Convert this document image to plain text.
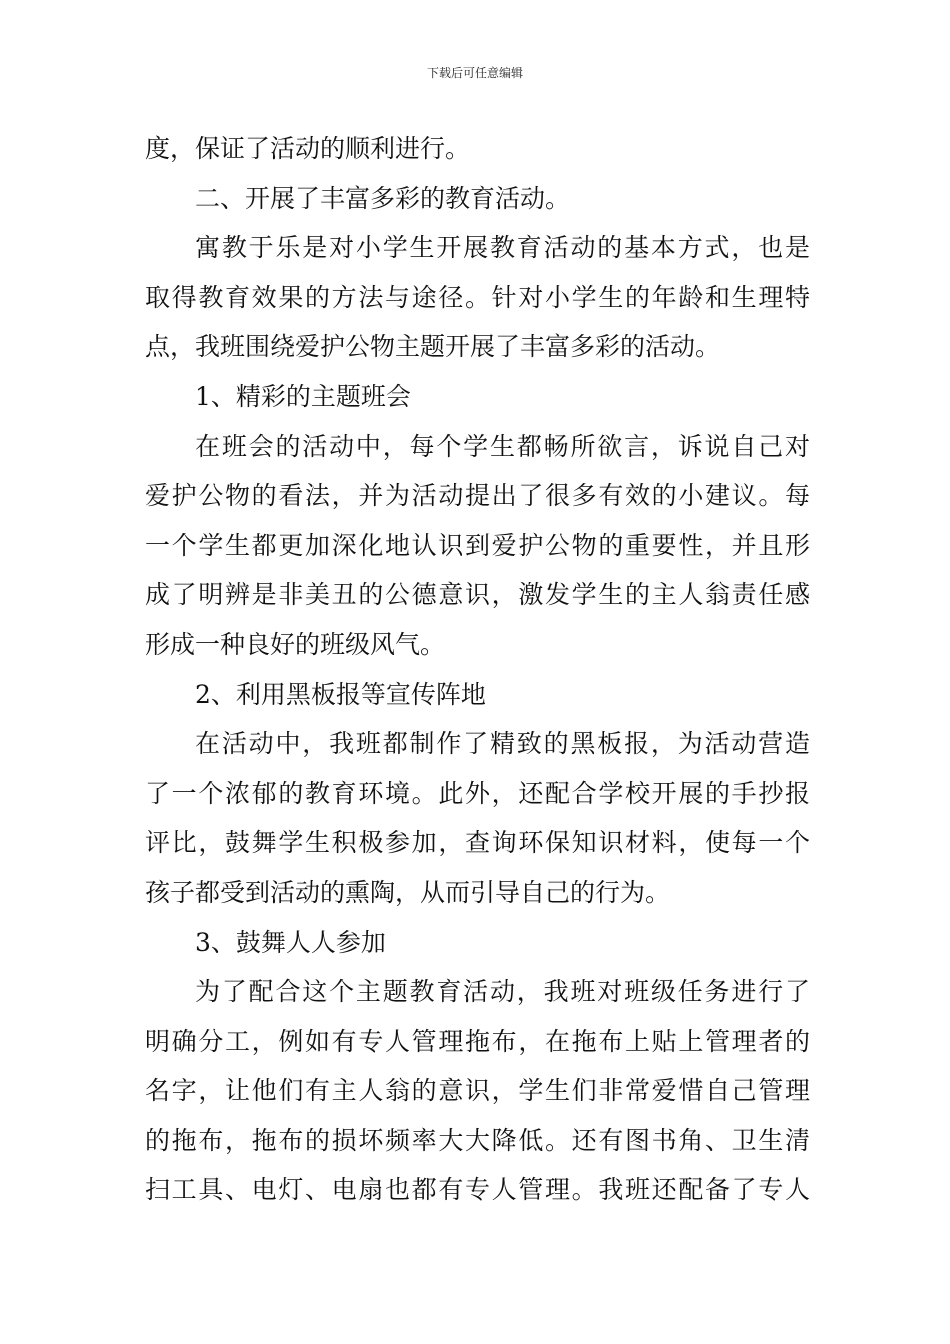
下载后可任意编辑
度，保证了活动的顺利进行。
二、开展了丰富多彩的教育活动。
寓教于乐是对小学生开展教育活动的基本方式，也是
取得教育效果的方法与途径。针对小学生的年龄和生理特
点，我班围绕爱护公物主题开展了丰富多彩的活动。
1、精彩的主题班会
在班会的活动中，每个学生都畅所欲言，诉说自己对
爱护公物的看法，并为活动提出了很多有效的小建议。每
一个学生都更加深化地认识到爱护公物的重要性，并且形
成了明辨是非美丑的公德意识，激发学生的主人翁责任感
形成一种良好的班级风气。
2、利用黑板报等宣传阵地
在活动中，我班都制作了精致的黑板报，为活动营造
了一个浓郁的教育环境。此外，还配合学校开展的手抄报
评比，鼓舞学生积极参加，查询环保知识材料，使每一个
孩子都受到活动的熏陶，从而引导自己的行为。
3、鼓舞人人参加
为了配合这个主题教育活动，我班对班级任务进行了
明确分工，例如有专人管理拖布，在拖布上贴上管理者的
名字，让他们有主人翁的意识，学生们非常爱惜自己管理
的拖布，拖布的损坏频率大大降低。还有图书角、卫生清
扫工具、电灯、电扇也都有专人管理。我班还配备了专人
